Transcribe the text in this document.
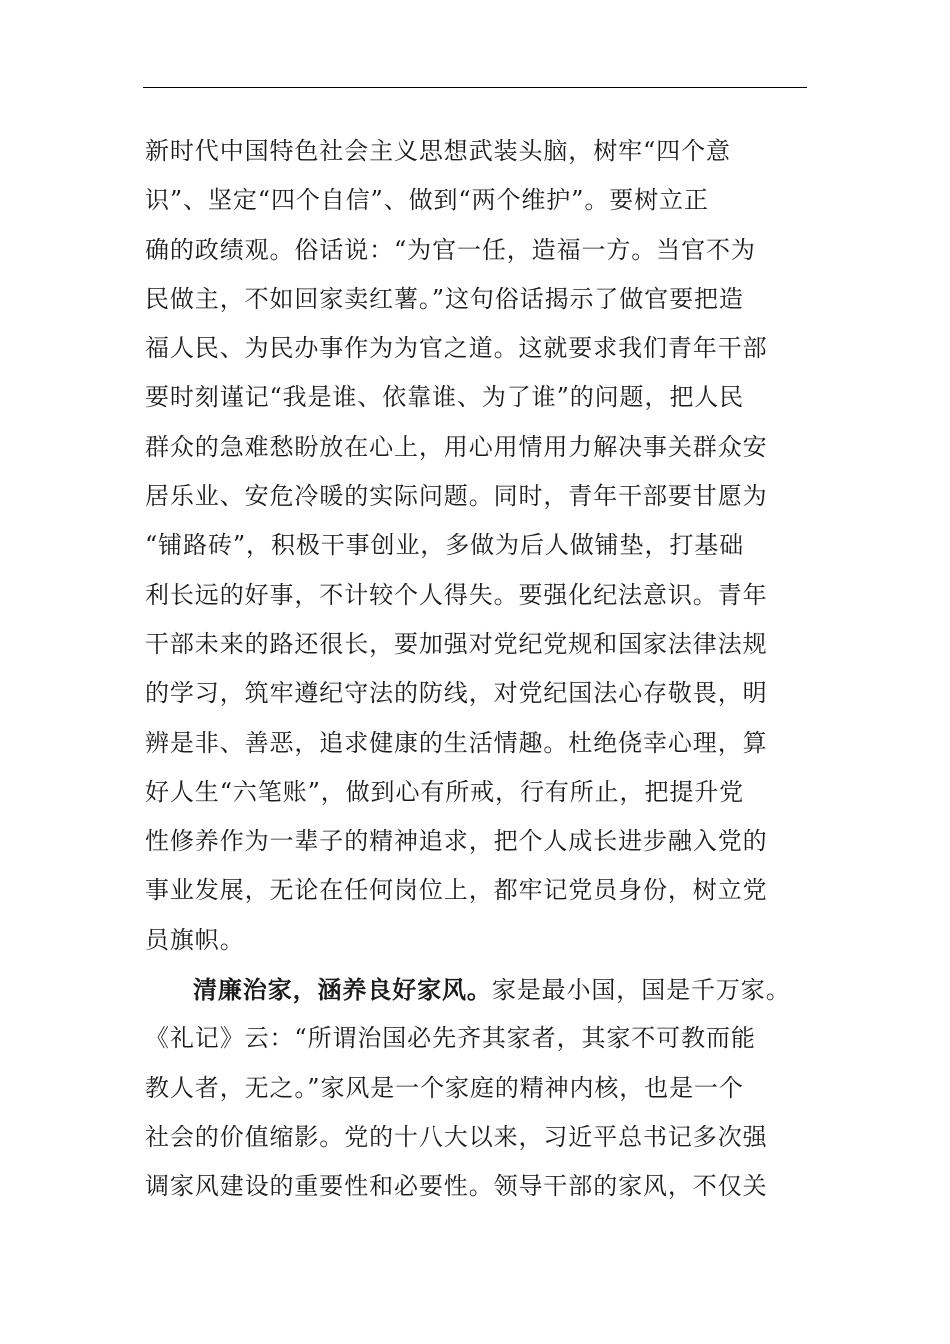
新时代中国特色社会主义思想武装头脑，树牢“四个意
识”、坚定“四个自信”、做到“两个维护”。要树立正
确的政绩观。俗话说：“为官一任，造福一方。当官不为
民做主，不如回家卖红薯。”这句俗话揭示了做官要把造
福人民、为民办事作为为官之道。这就要求我们青年干部
要时刻谨记“我是谁、依靠谁、为了谁”的问题，把人民
群众的急难愁盼放在心上，用心用情用力解决事关群众安
居乐业、安危冷暖的实际问题。同时，青年干部要甘愿为
“铺路砖”，积极干事创业，多做为后人做铺垫，打基础
利长远的好事，不计较个人得失。要强化纪法意识。青年
干部未来的路还很长，要加强对党纪党规和国家法律法规
的学习，筑牢遵纪守法的防线，对党纪国法心存敬畏，明
辨是非、善恶，追求健康的生活情趣。杜绝侥幸心理，算
好人生“六笔账”，做到心有所戒，行有所止，把提升党
性修养作为一辈子的精神追求，把个人成长进步融入党的
事业发展，无论在任何岗位上，都牢记党员身份，树立党
员旗帜。
清廉治家，涵养良好家风。家是最小国，国是千万家。
《礼记》云：“所谓治国必先齐其家者，其家不可教而能
教人者，无之。”家风是一个家庭的精神内核，也是一个
社会的价值缩影。党的十八大以来，习近平总书记多次强
调家风建设的重要性和必要性。领导干部的家风，不仅关
